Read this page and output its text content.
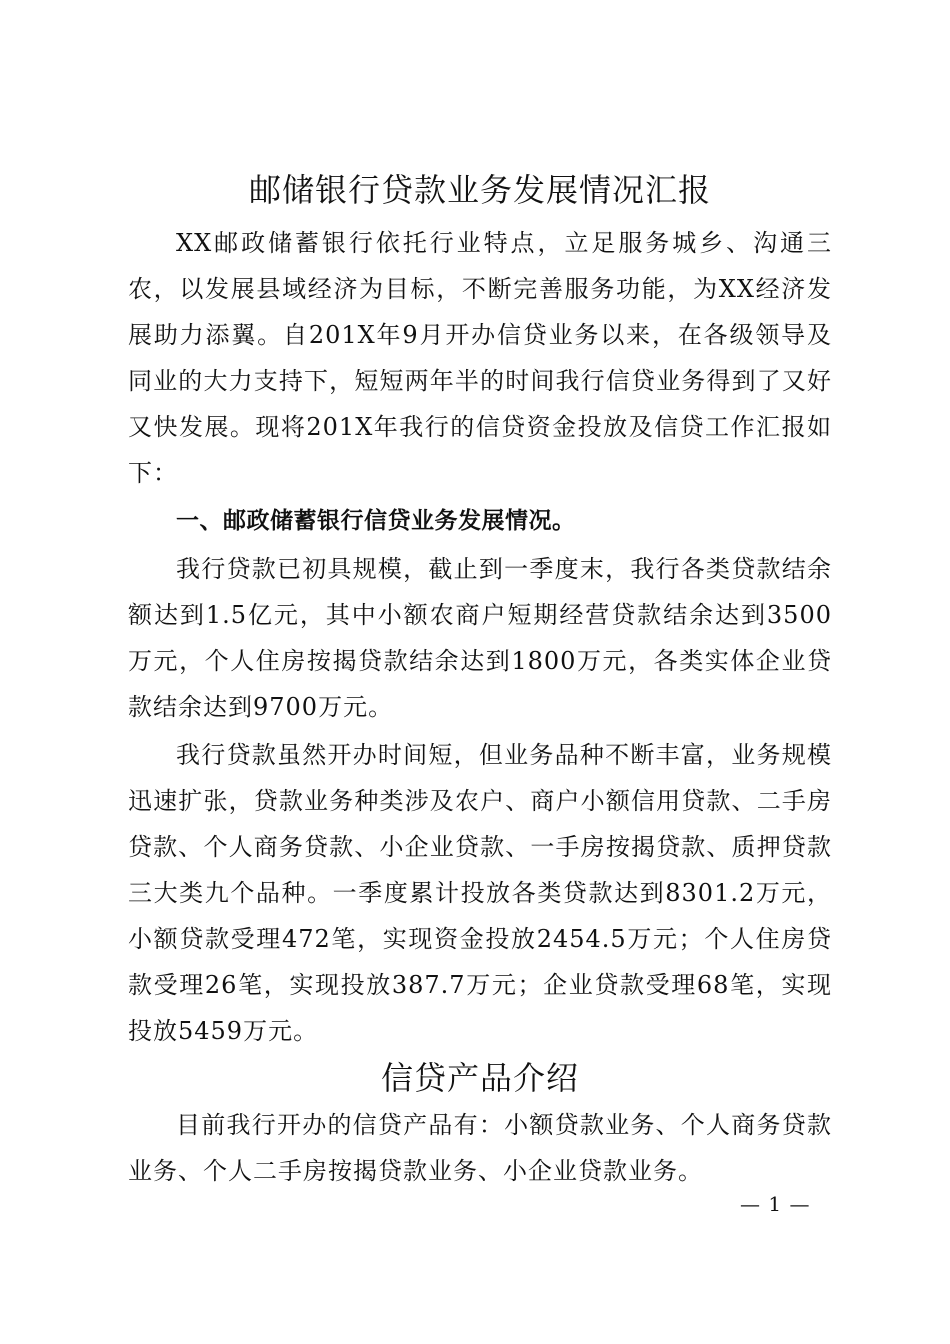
邮储银行贷款业务发展情况汇报

XX邮政储蓄银行依托行业特点，立足服务城乡、沟通三农，以发展县域经济为目标，不断完善服务功能，为XX经济发展助力添翼。自201X年9月开办信贷业务以来，在各级领导及同业的大力支持下，短短两年半的时间我行信贷业务得到了又好又快发展。现将201X年我行的信贷资金投放及信贷工作汇报如下：

一、邮政储蓄银行信贷业务发展情况。

我行贷款已初具规模，截止到一季度末，我行各类贷款结余额达到1.5亿元，其中小额农商户短期经营贷款结余达到3500万元，个人住房按揭贷款结余达到1800万元，各类实体企业贷款结余达到9700万元。

我行贷款虽然开办时间短，但业务品种不断丰富，业务规模迅速扩张，贷款业务种类涉及农户、商户小额信用贷款、二手房贷款、个人商务贷款、小企业贷款、一手房按揭贷款、质押贷款三大类九个品种。一季度累计投放各类贷款达到8301.2万元，小额贷款受理472笔，实现资金投放2454.5万元；个人住房贷款受理26笔，实现投放387.7万元；企业贷款受理68笔，实现投放5459万元。

信贷产品介绍

目前我行开办的信贷产品有：小额贷款业务、个人商务贷款业务、个人二手房按揭贷款业务、小企业贷款业务。

— 1 —
